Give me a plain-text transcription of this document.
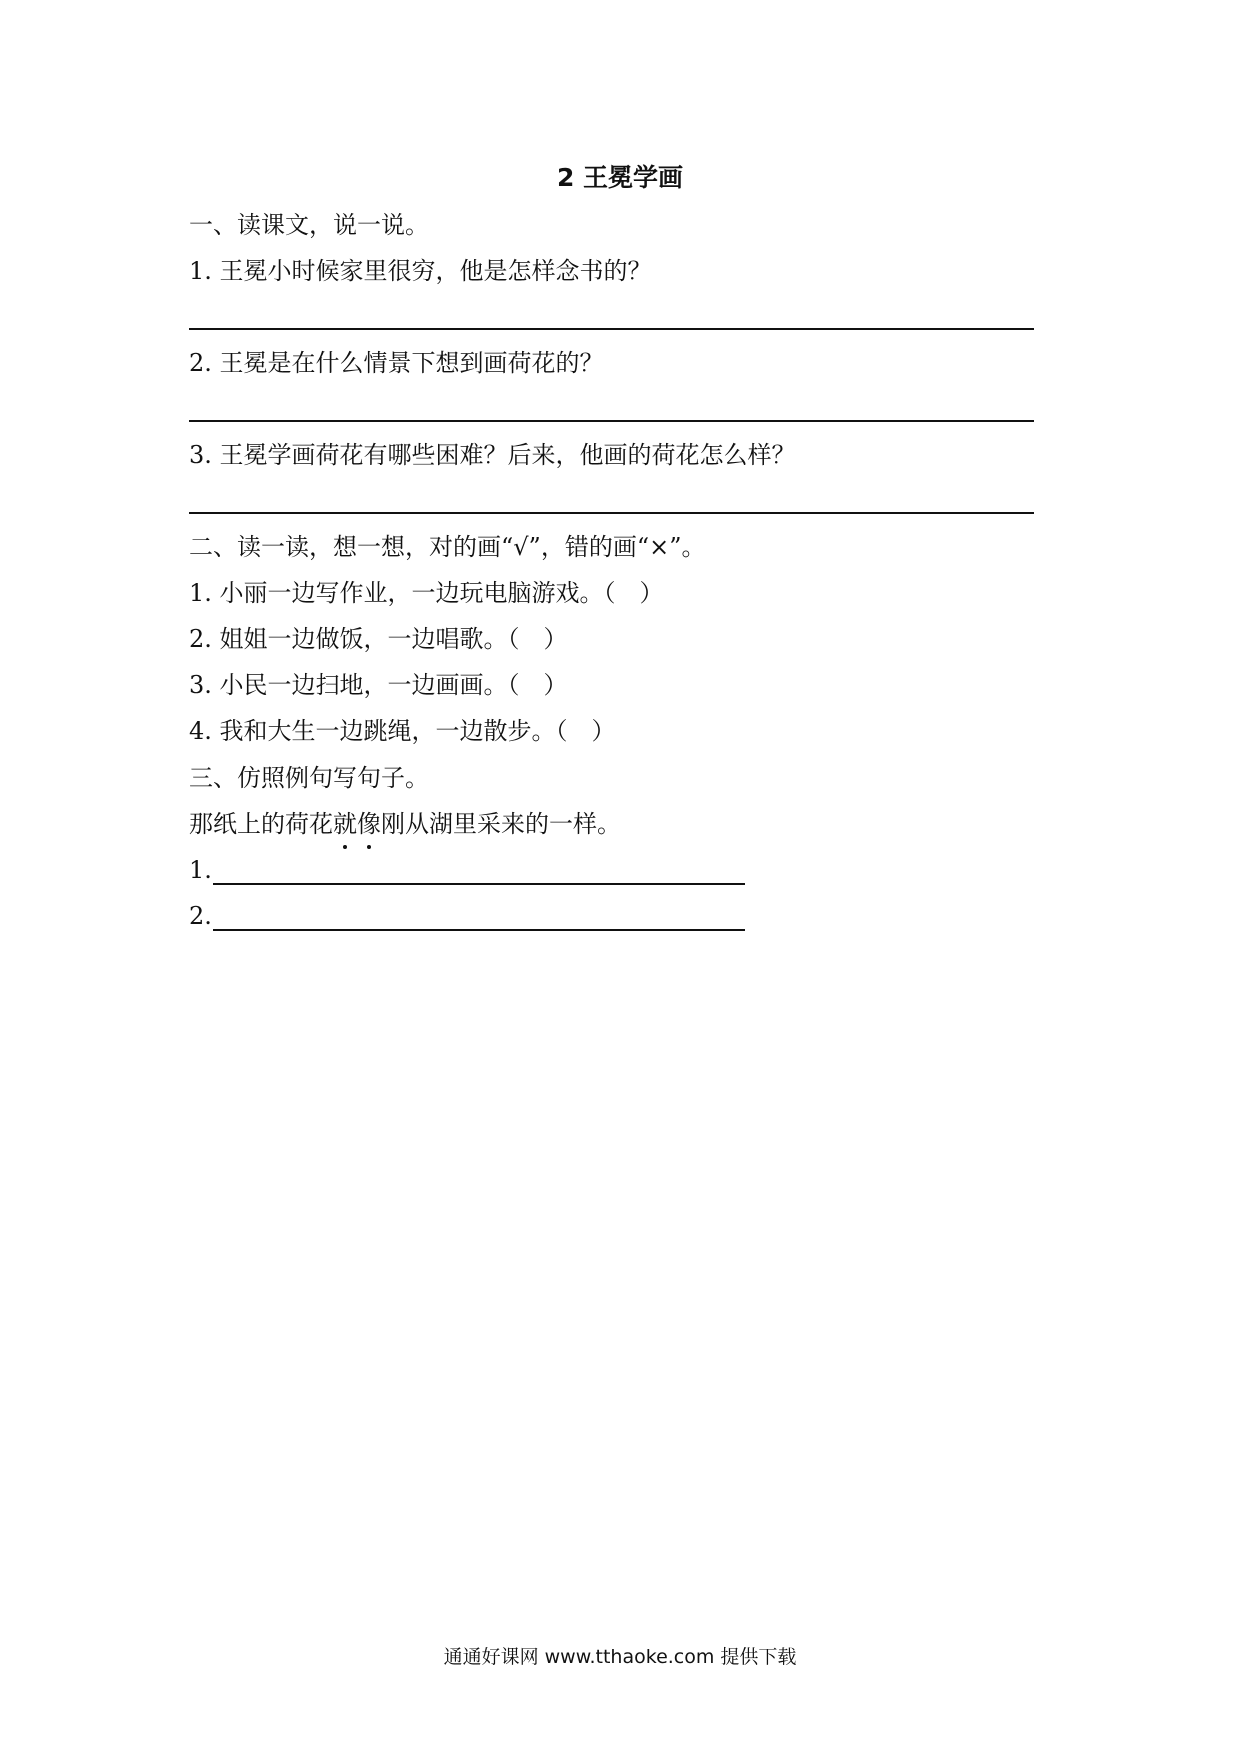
2 王冕学画
一、读课文，说一说。
1. 王冕小时候家里很穷，他是怎样念书的？
2. 王冕是在什么情景下想到画荷花的？
3. 王冕学画荷花有哪些困难？后来，他画的荷花怎么样？
二、读一读，想一想，对的画“√”，错的画“×”。
1. 小丽一边写作业，一边玩电脑游戏。（　）
2. 姐姐一边做饭，一边唱歌。（　）
3. 小民一边扫地，一边画画。（　）
4. 我和大生一边跳绳，一边散步。（　）
三、仿照例句写句子。
那纸上的荷花就像刚从湖里采来的一样。
1.
2.
通通好课网 www.tthaoke.com 提供下载
